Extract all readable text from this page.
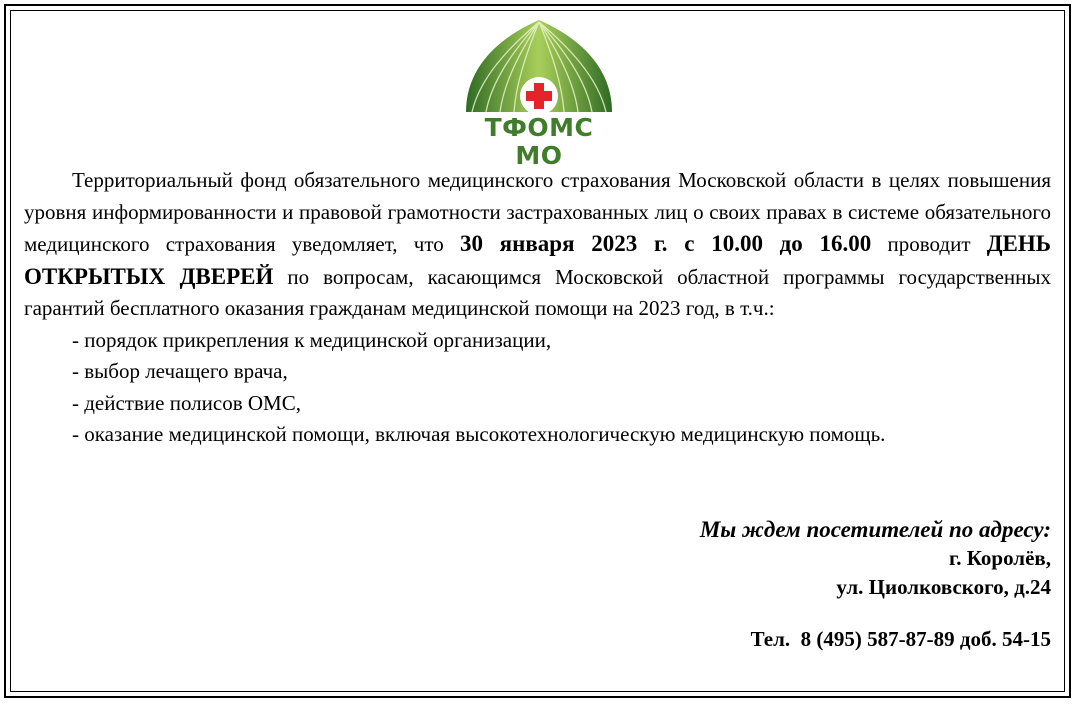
ТФОМС МО

Территориальный фонд обязательного медицинского страхования Московской области в целях повышения уровня информированности и правовой грамотности застрахованных лиц о своих правах в системе обязательного медицинского страхования уведомляет, что 30 января 2023 г. с 10.00 до 16.00 проводит ДЕНЬ ОТКРЫТЫХ ДВЕРЕЙ по вопросам, касающимся Московской областной программы государственных гарантий бесплатного оказания гражданам медицинской помощи на 2023 год, в т.ч.:

- порядок прикрепления к медицинской организации,
- выбор лечащего врача,
- действие полисов ОМС,
- оказание медицинской помощи, включая высокотехнологическую медицинскую помощь.
Мы ждем посетителей по адресу:
г. Королёв,
ул. Циолковского, д.24
Тел.  8 (495) 587-87-89 доб. 54-15
